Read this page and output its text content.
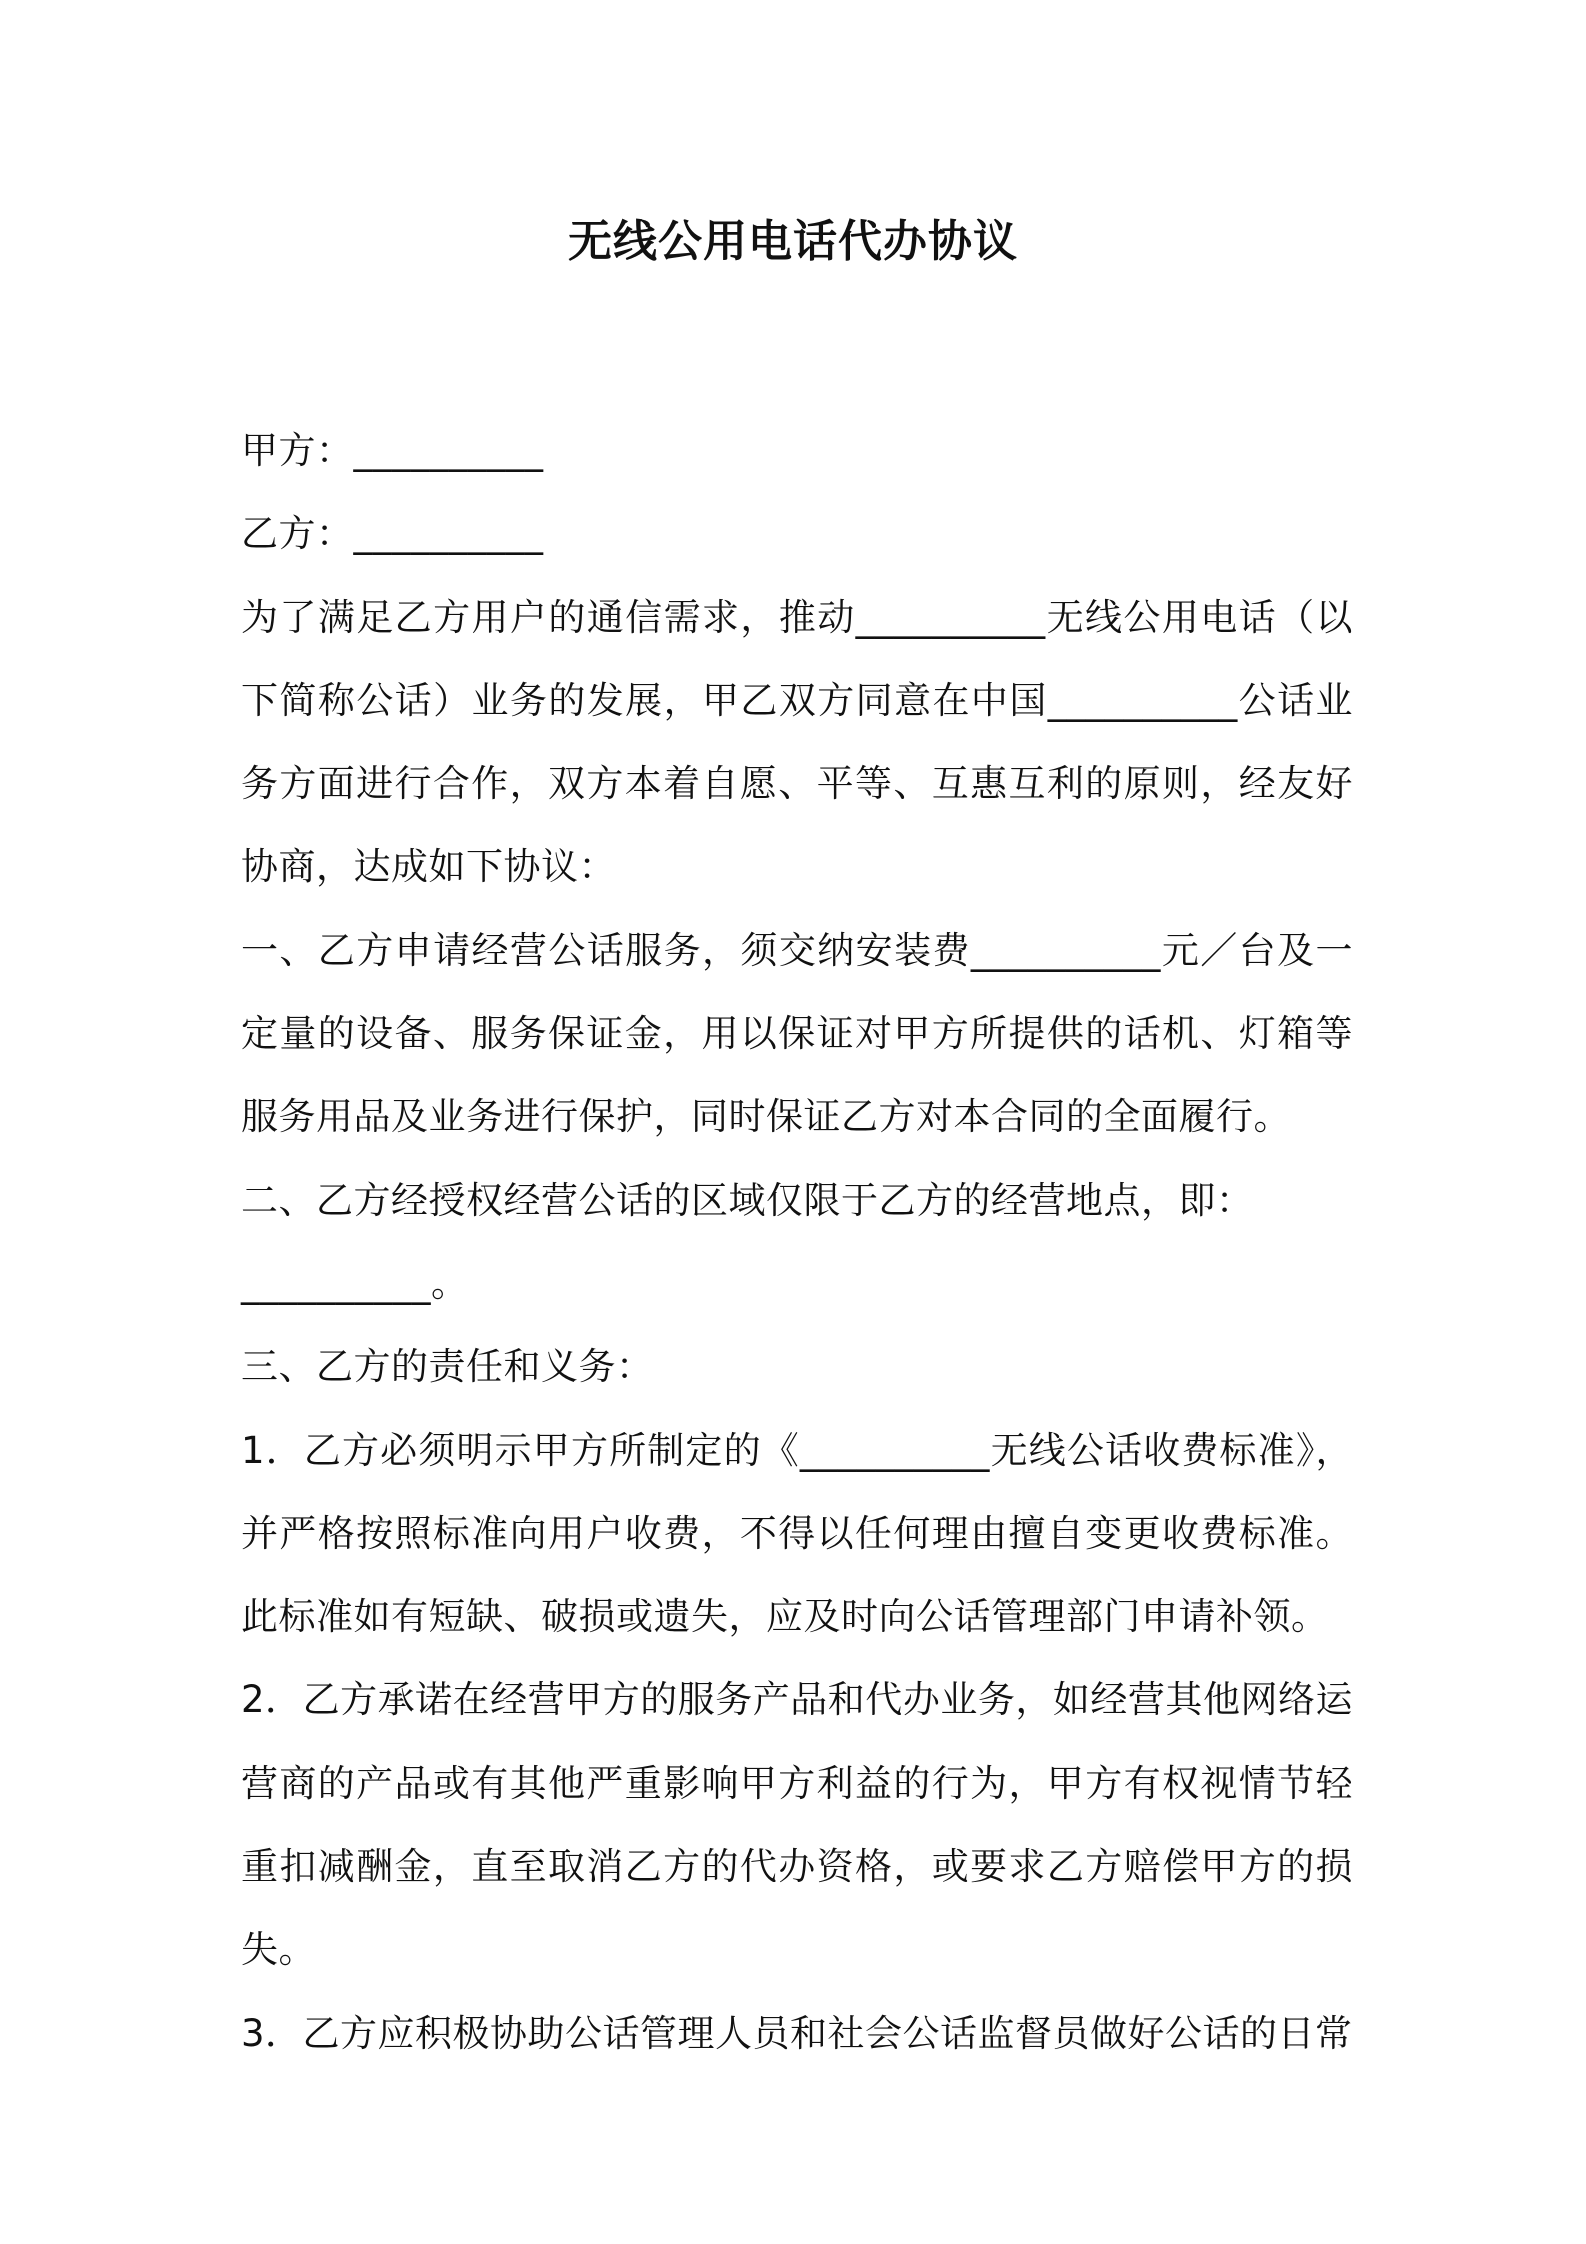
无线公用电话代办协议

甲方：__________

乙方：__________

为了满足乙方用户的通信需求，推动__________无线公用电话（以下简称公话）业务的发展，甲乙双方同意在中国__________公话业务方面进行合作，双方本着自愿、平等、互惠互利的原则，经友好协商，达成如下协议：

一、乙方申请经营公话服务，须交纳安装费__________元／台及一定量的设备、服务保证金，用以保证对甲方所提供的话机、灯箱等服务用品及业务进行保护，同时保证乙方对本合同的全面履行。

二、乙方经授权经营公话的区域仅限于乙方的经营地点，即：

__________。

三、乙方的责任和义务：

1．乙方必须明示甲方所制定的《__________无线公话收费标准》，并严格按照标准向用户收费，不得以任何理由擅自变更收费标准。此标准如有短缺、破损或遗失，应及时向公话管理部门申请补领。

2．乙方承诺在经营甲方的服务产品和代办业务，如经营其他网络运营商的产品或有其他严重影响甲方利益的行为，甲方有权视情节轻重扣减酬金，直至取消乙方的代办资格，或要求乙方赔偿甲方的损失。

3．乙方应积极协助公话管理人员和社会公话监督员做好公话的日常
